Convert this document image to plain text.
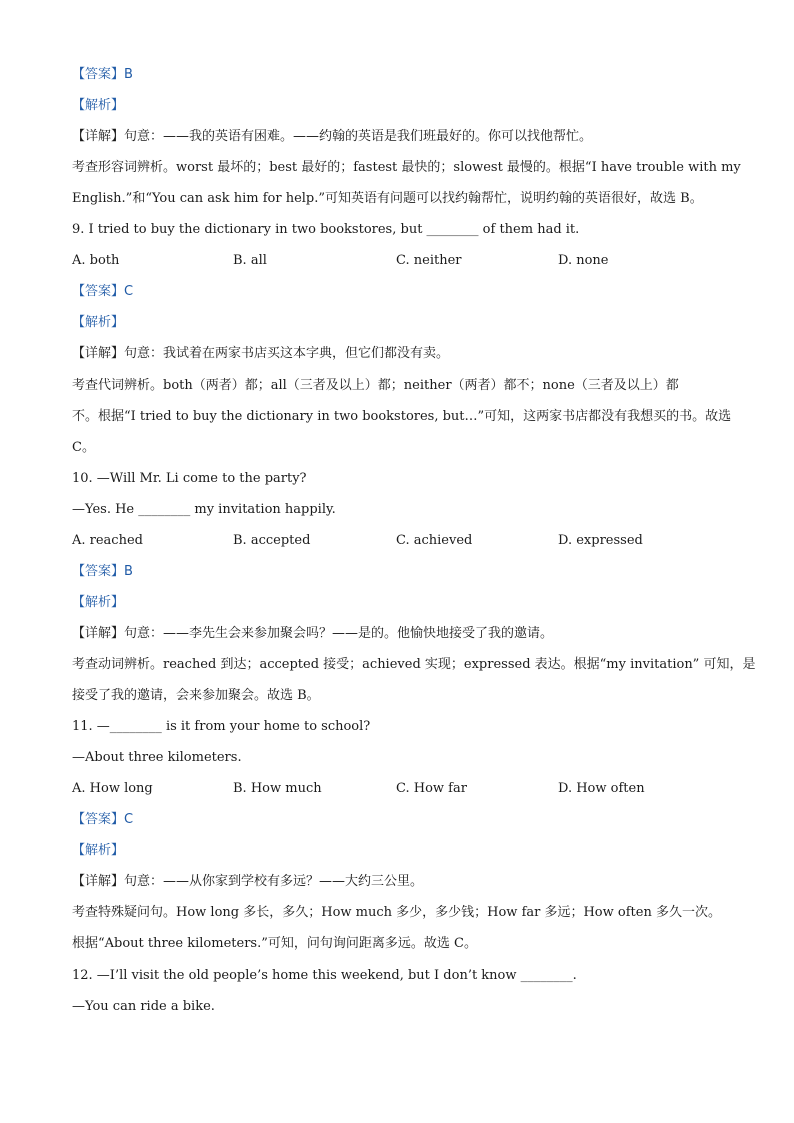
【答案】B
【解析】
【详解】句意：——我的英语有困难。——约翰的英语是我们班最好的。你可以找他帮忙。
考查形容词辨析。worst 最坏的；best 最好的；fastest 最快的；slowest 最慢的。根据“I have trouble with my
English.”和“You can ask him for help.”可知英语有问题可以找约翰帮忙，说明约翰的英语很好，故选 B。
9. I tried to buy the dictionary in two bookstores, but ________ of them had it.
A. both	B. all	C. neither	D. none
【答案】C
【解析】
【详解】句意：我试着在两家书店买这本字典，但它们都没有卖。
考查代词辨析。both（两者）都；all（三者及以上）都；neither（两者）都不；none（三者及以上）都
不。根据“I tried to buy the dictionary in two bookstores, but…”可知，这两家书店都没有我想买的书。故选
C。
10. —Will Mr. Li come to the party?
—Yes. He ________ my invitation happily.
A. reached	B. accepted	C. achieved	D. expressed
【答案】B
【解析】
【详解】句意：——李先生会来参加聚会吗？——是的。他愉快地接受了我的邀请。
考查动词辨析。reached 到达；accepted 接受；achieved 实现；expressed 表达。根据“my invitation” 可知，是
接受了我的邀请，会来参加聚会。故选 B。
11. —________ is it from your home to school?
—About three kilometers.
A. How long	B. How much	C. How far	D. How often
【答案】C
【解析】
【详解】句意：——从你家到学校有多远？——大约三公里。
考查特殊疑问句。How long 多长，多久；How much 多少，多少钱；How far 多远；How often 多久一次。
根据“About three kilometers.”可知，问句询问距离多远。故选 C。
12. —I’ll visit the old people’s home this weekend, but I don’t know ________.
—You can ride a bike.
